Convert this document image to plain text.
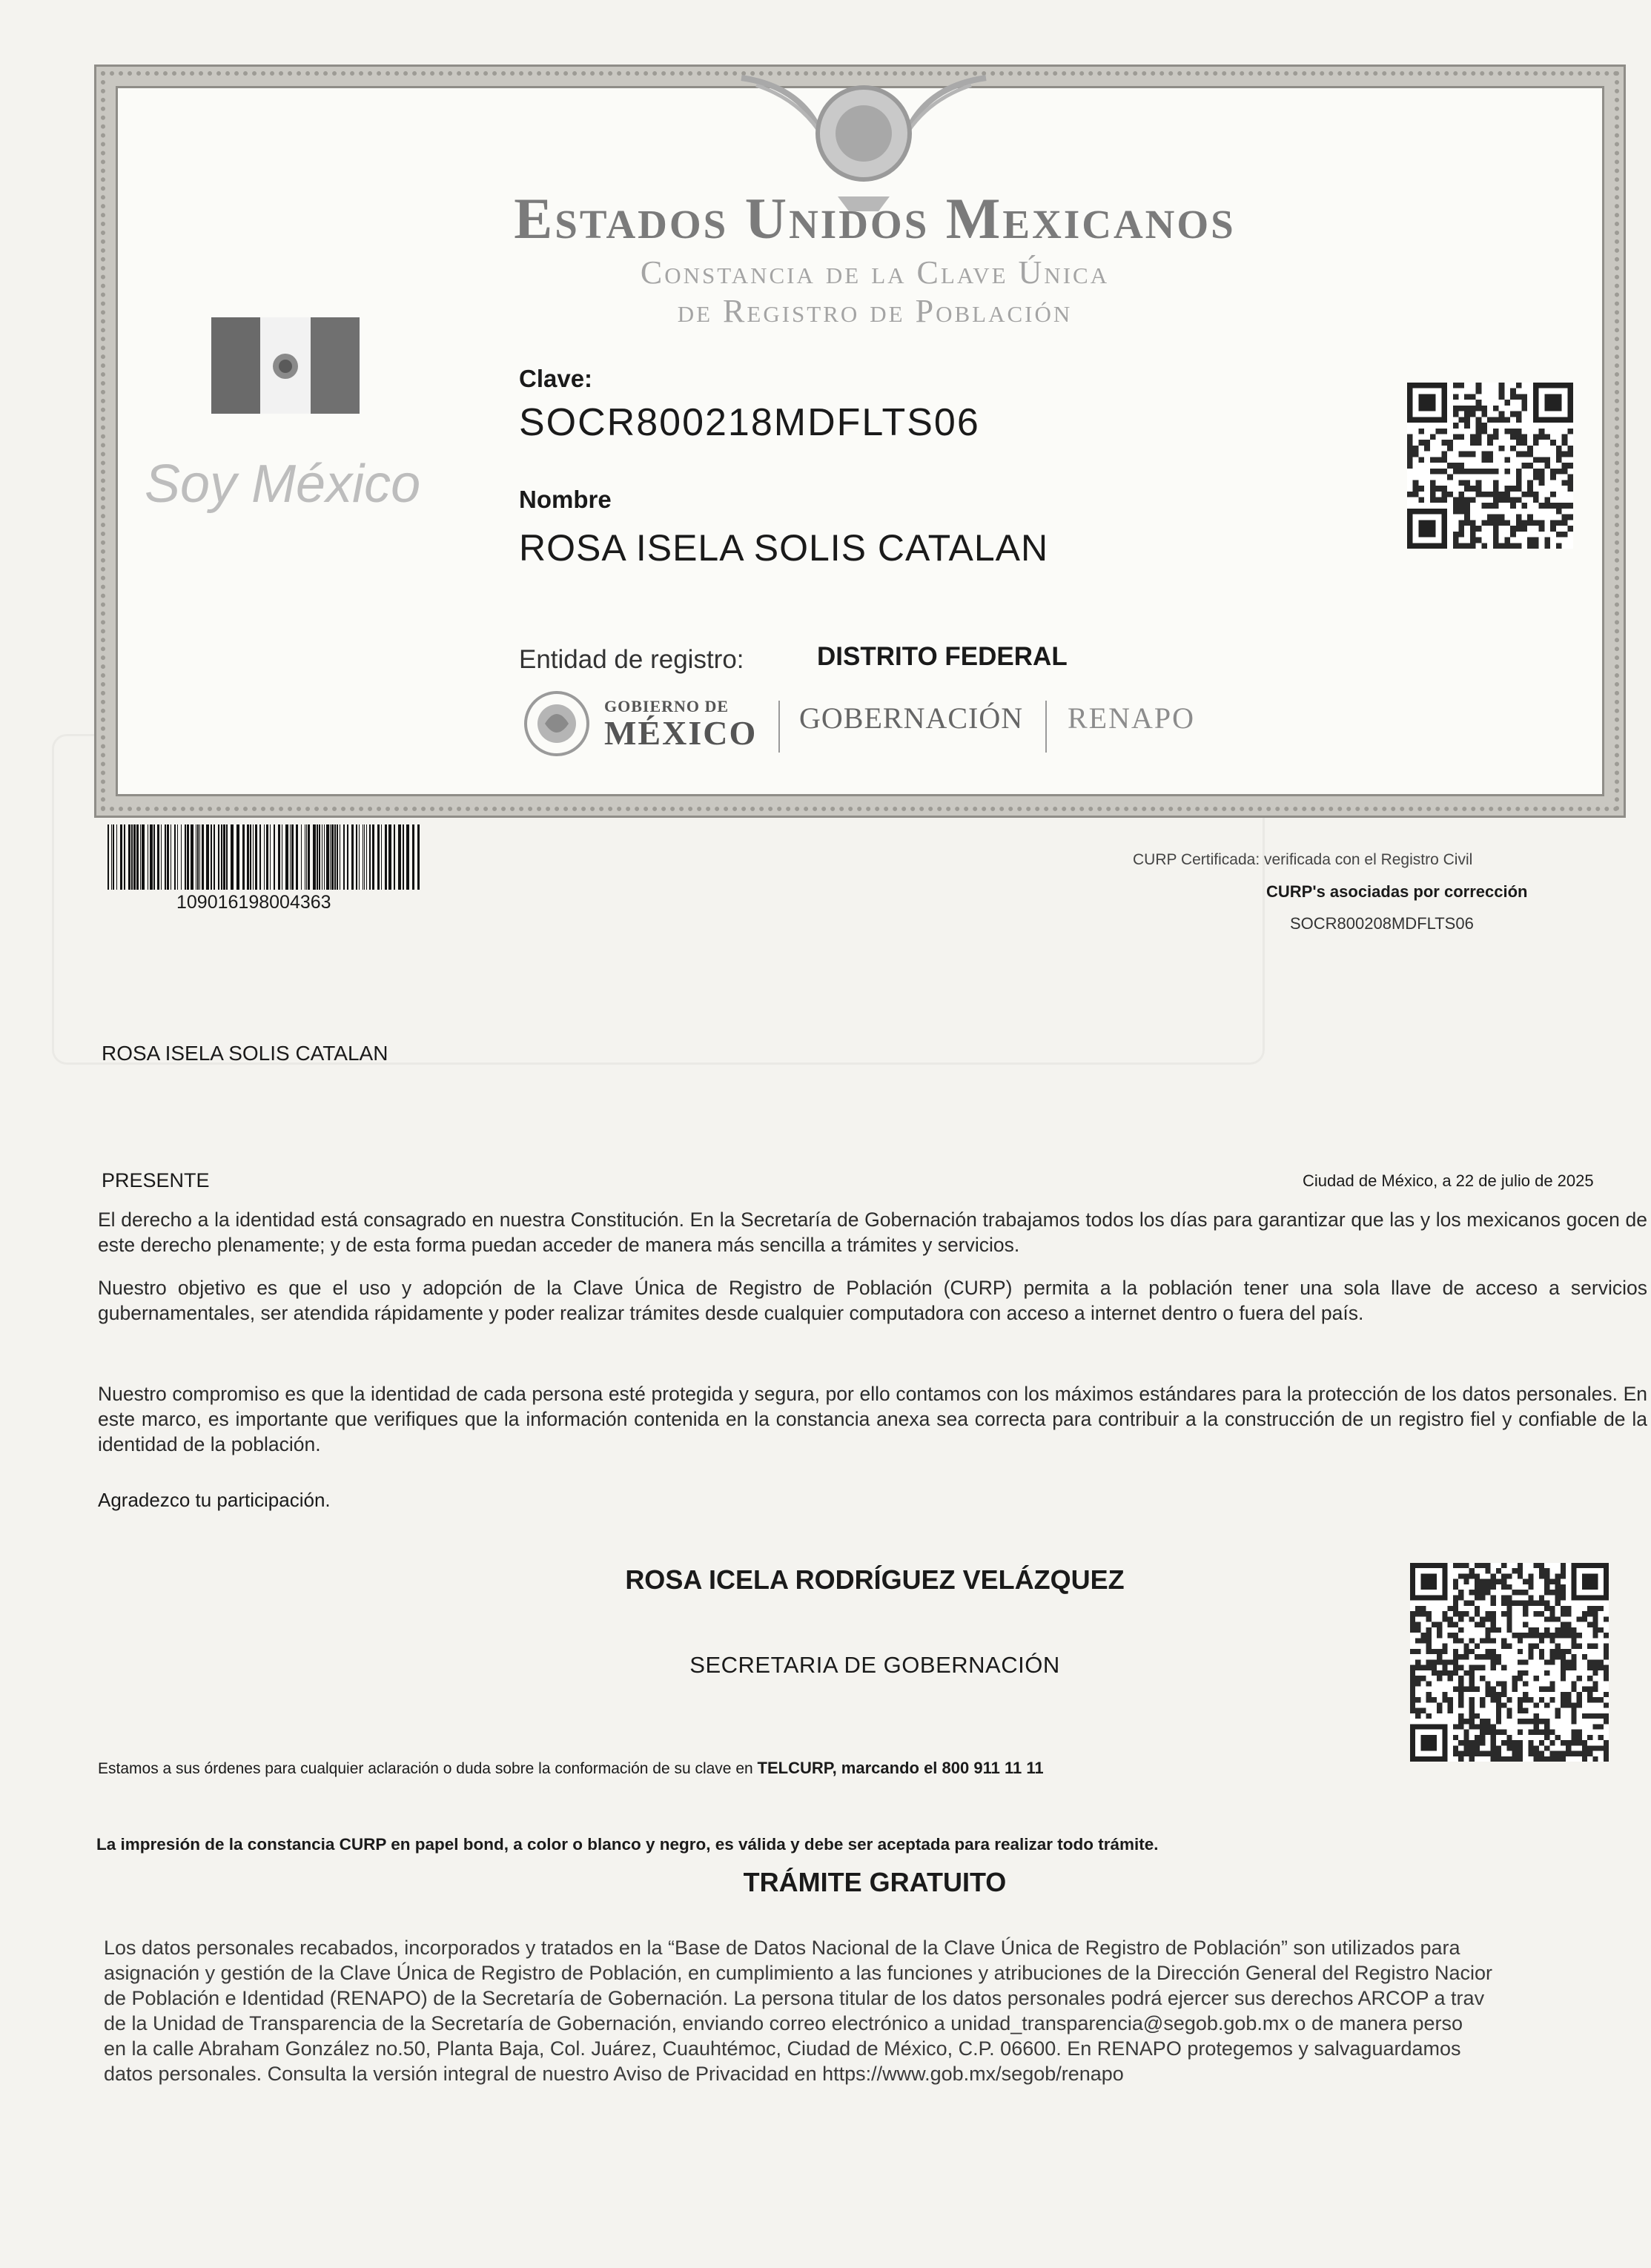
Estados Unidos Mexicanos
Constancia de la Clave Única
de Registro de Población
Soy México
Clave:
SOCR800218MDFLTS06
Nombre
ROSA ISELA SOLIS CATALAN
Entidad de registro:	DISTRITO FEDERAL
GOBIERNO DE
MÉXICO GOBERNACIÓN RENAPO
109016198004363
CURP Certificada: verificada con el Registro Civil
CURP's asociadas por corrección
SOCR800208MDFLTS06
ROSA ISELA SOLIS CATALAN
PRESENTE	Ciudad de México, a 22 de julio de 2025
El derecho a la identidad está consagrado en nuestra Constitución. En la Secretaría de Gobernación trabajamos todos los días para garantizar que las y los mexicanos gocen de este derecho plenamente; y de esta forma puedan acceder de manera más sencilla a trámites y servicios.
Nuestro objetivo es que el uso y adopción de la Clave Única de Registro de Población (CURP) permita a la población tener una sola llave de acceso a servicios gubernamentales, ser atendida rápidamente y poder realizar trámites desde cualquier computadora con acceso a internet dentro o fuera del país.
Nuestro compromiso es que la identidad de cada persona esté protegida y segura, por ello contamos con los máximos estándares para la protección de los datos personales. En este marco, es importante que verifiques que la información contenida en la constancia anexa sea correcta para contribuir a la construcción de un registro fiel y confiable de la identidad de la población.
Agradezco tu participación.
ROSA ICELA RODRÍGUEZ VELÁZQUEZ
SECRETARIA DE GOBERNACIÓN
Estamos a sus órdenes para cualquier aclaración o duda sobre la conformación de su clave en TELCURP, marcando el 800 911 11 11
La impresión de la constancia CURP en papel bond, a color o blanco y negro, es válida y debe ser aceptada para realizar todo trámite.
TRÁMITE GRATUITO
Los datos personales recabados, incorporados y tratados en la “Base de Datos Nacional de la Clave Única de Registro de Población” son utilizados para
asignación y gestión de la Clave Única de Registro de Población, en cumplimiento a las funciones y atribuciones de la Dirección General del Registro Nacior
de Población e Identidad (RENAPO) de la Secretaría de Gobernación. La persona titular de los datos personales podrá ejercer sus derechos ARCOP a trav
de la Unidad de Transparencia de la Secretaría de Gobernación, enviando correo electrónico a unidad_transparencia@segob.gob.mx o de manera perso
en la calle Abraham González no.50, Planta Baja, Col. Juárez, Cuauhtémoc, Ciudad de México, C.P. 06600. En RENAPO protegemos y salvaguardamos
datos personales. Consulta la versión integral de nuestro Aviso de Privacidad en https://www.gob.mx/segob/renapo
